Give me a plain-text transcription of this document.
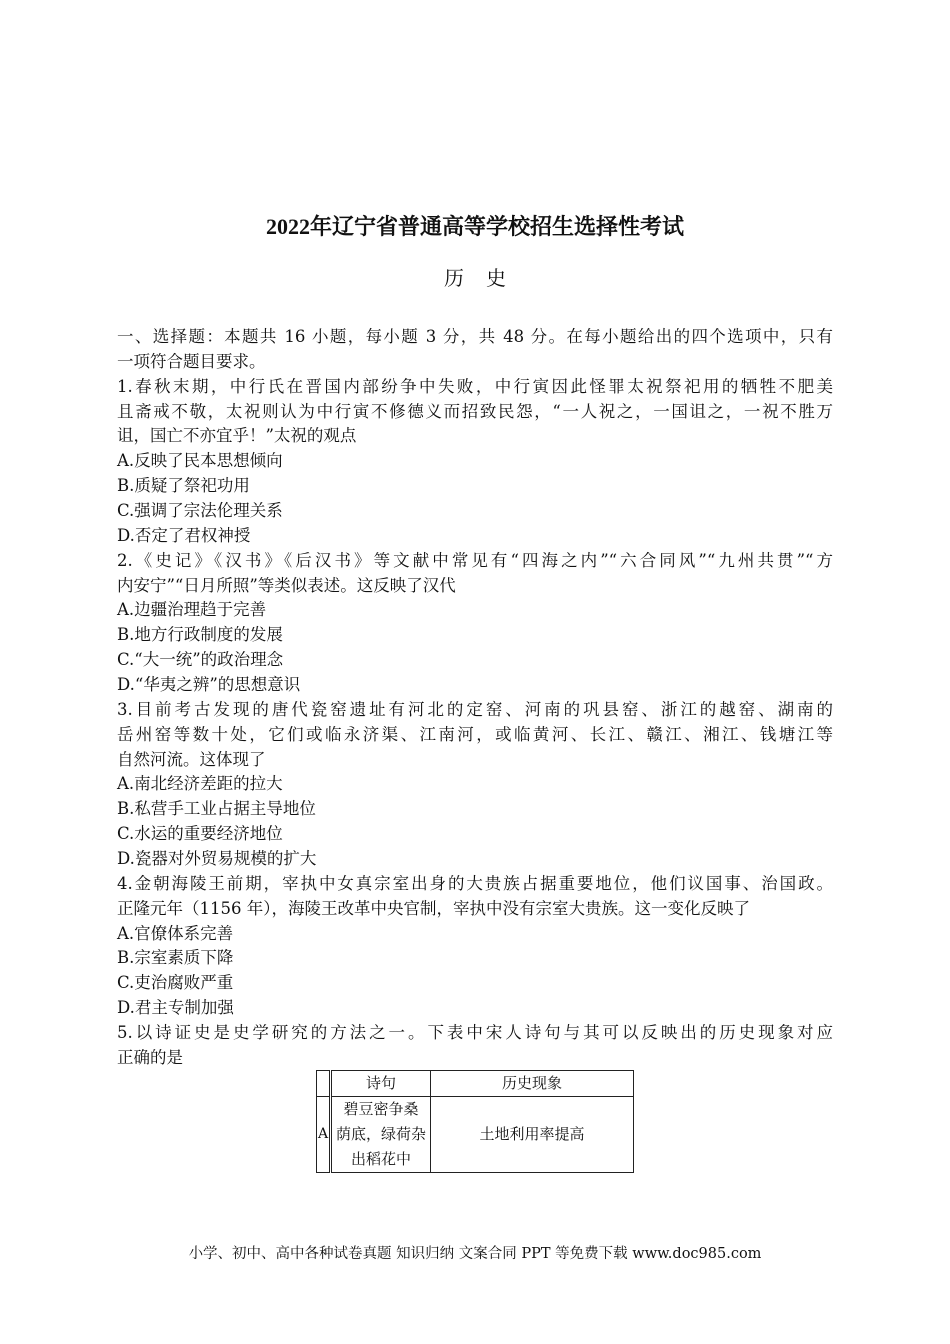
2022年辽宁省普通高等学校招生选择性考试
历史
一、选择题：本题共 16 小题，每小题 3 分，共 48 分。在每小题给出的四个选项中，只有
一项符合题目要求。
1.春秋末期，中行氏在晋国内部纷争中失败，中行寅因此怪罪太祝祭祀用的牺牲不肥美
且斋戒不敬，太祝则认为中行寅不修德义而招致民怨，“一人祝之，一国诅之，一祝不胜万
诅，国亡不亦宜乎！”太祝的观点
A.反映了民本思想倾向
B.质疑了祭祀功用
C.强调了宗法伦理关系
D.否定了君权神授
2.《史记》《汉书》《后汉书》等文献中常见有“四海之内”“六合同风”“九州共贯”“方
内安宁”“日月所照”等类似表述。这反映了汉代
A.边疆治理趋于完善
B.地方行政制度的发展
C.“大一统”的政治理念
D.“华夷之辨”的思想意识
3.目前考古发现的唐代瓷窑遗址有河北的定窑、河南的巩县窑、浙江的越窑、湖南的
岳州窑等数十处，它们或临永济渠、江南河，或临黄河、长江、赣江、湘江、钱塘江等
自然河流。这体现了
A.南北经济差距的拉大
B.私营手工业占据主导地位
C.水运的重要经济地位
D.瓷器对外贸易规模的扩大
4.金朝海陵王前期，宰执中女真宗室出身的大贵族占据重要地位，他们议国事、治国政。
正隆元年（1156 年），海陵王改革中央官制，宰执中没有宗室大贵族。这一变化反映了
A.官僚体系完善
B.宗室素质下降
C.吏治腐败严重
D.君主专制加强
5.以诗证史是史学研究的方法之一。下表中宋人诗句与其可以反映出的历史现象对应
正确的是
	诗句	历史现象
A	碧豆密争桑
荫底，绿荷杂
出稻花中	土地利用率提高
小学、初中、高中各种试卷真题 知识归纳 文案合同 PPT 等免费下载 www.doc985.com
